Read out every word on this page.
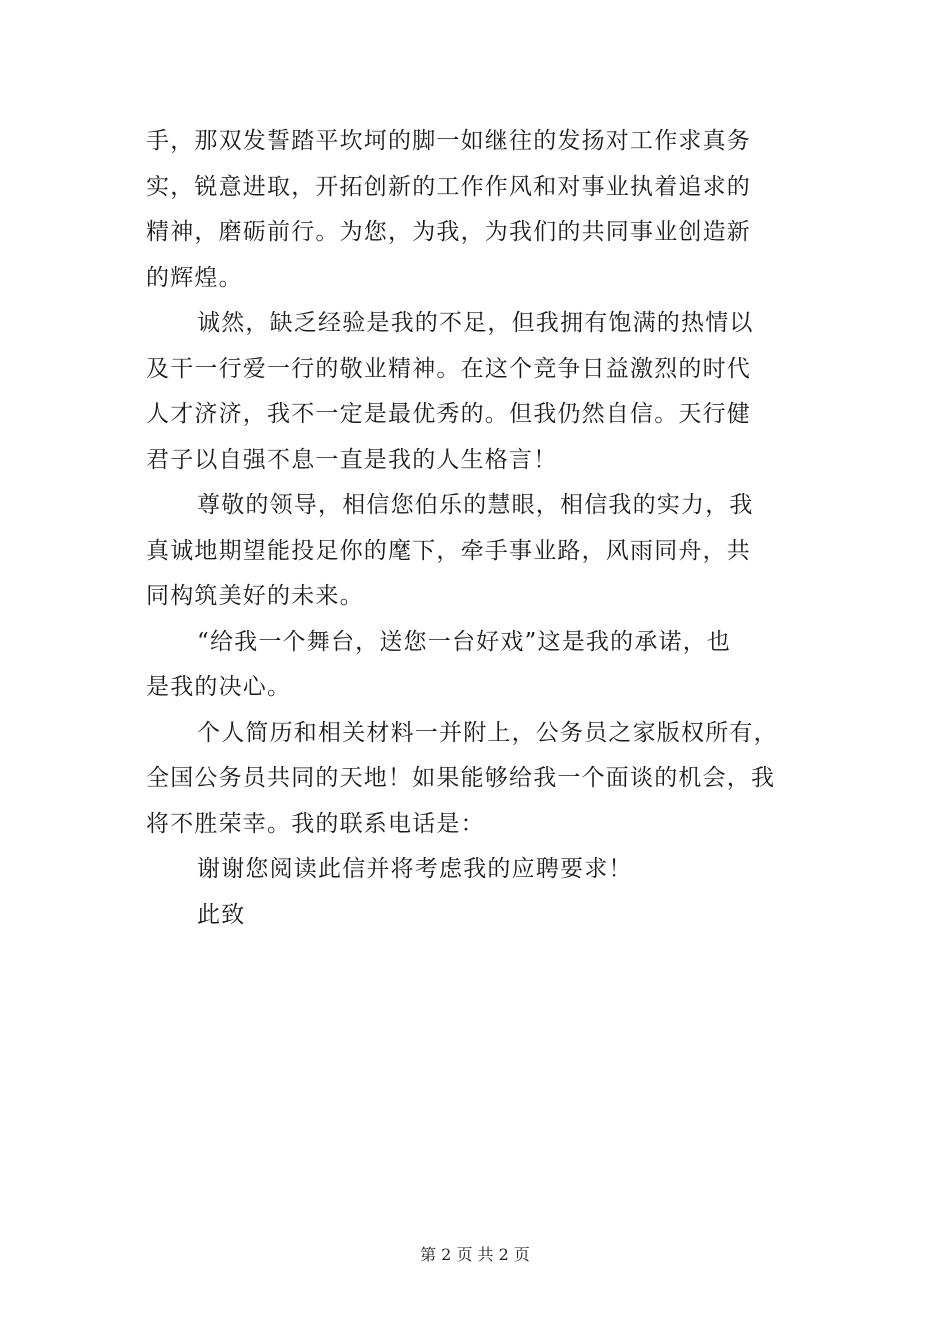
手，那双发誓踏平坎坷的脚一如继往的发扬对工作求真务
实，锐意进取，开拓创新的工作作风和对事业执着追求的
精神，磨砺前行。为您，为我，为我们的共同事业创造新
的辉煌。
诚然，缺乏经验是我的不足，但我拥有饱满的热情以
及干一行爱一行的敬业精神。在这个竞争日益激烈的时代
人才济济，我不一定是最优秀的。但我仍然自信。天行健
君子以自强不息一直是我的人生格言！
尊敬的领导，相信您伯乐的慧眼，相信我的实力，我
真诚地期望能投足你的麾下，牵手事业路，风雨同舟，共
同构筑美好的未来。
“给我一个舞台，送您一台好戏”这是我的承诺，也
是我的决心。
个人简历和相关材料一并附上，公务员之家版权所有，
全国公务员共同的天地！如果能够给我一个面谈的机会，我
将不胜荣幸。我的联系电话是：
谢谢您阅读此信并将考虑我的应聘要求！
此致
第 2 页 共 2 页
